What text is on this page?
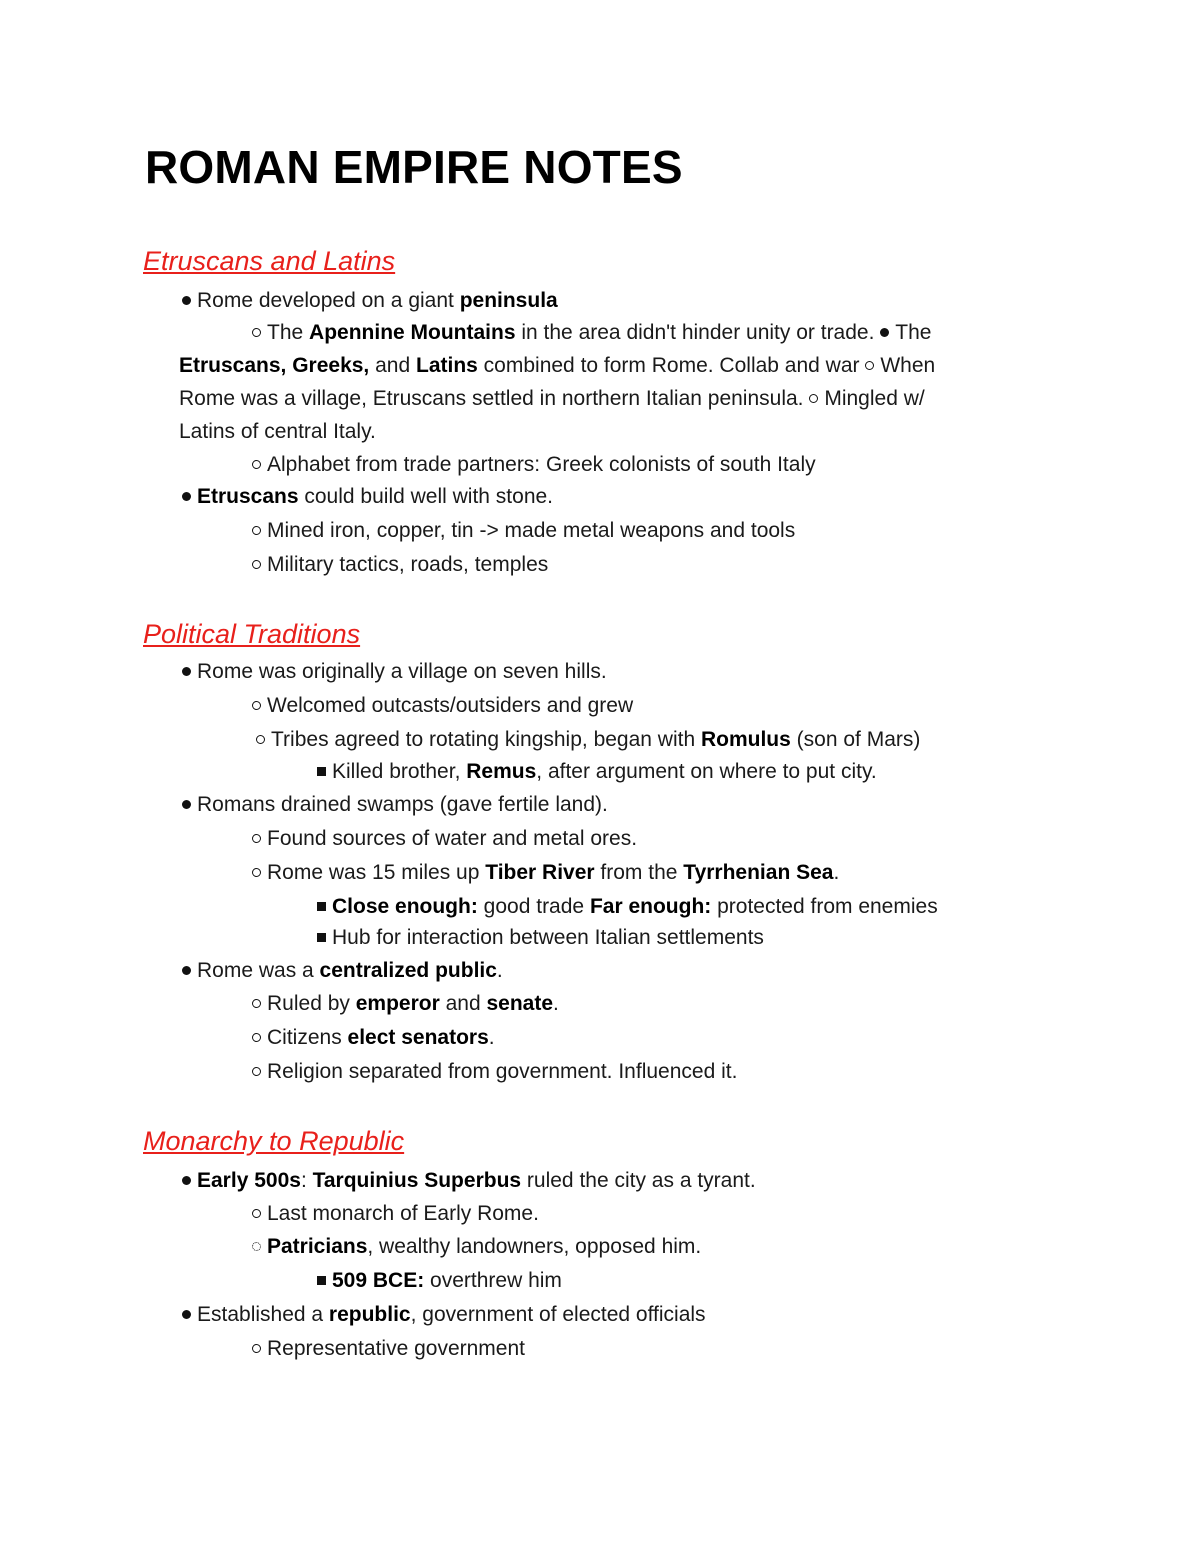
ROMAN EMPIRE NOTES
Etruscans and Latins
Rome developed on a giant peninsula
The Apennine Mountains in the area didn't hinder unity or trade. The
Etruscans, Greeks, and Latins combined to form Rome. Collab and war When
Rome was a village, Etruscans settled in northern Italian peninsula. Mingled w/
Latins of central Italy.
Alphabet from trade partners: Greek colonists of south Italy
Etruscans could build well with stone.
Mined iron, copper, tin -> made metal weapons and tools
Military tactics, roads, temples
Political Traditions
Rome was originally a village on seven hills.
Welcomed outcasts/outsiders and grew
Tribes agreed to rotating kingship, began with Romulus (son of Mars)
Killed brother, Remus, after argument on where to put city.
Romans drained swamps (gave fertile land).
Found sources of water and metal ores.
Rome was 15 miles up Tiber River from the Tyrrhenian Sea.
Close enough: good trade Far enough: protected from enemies
Hub for interaction between Italian settlements
Rome was a centralized public.
Ruled by emperor and senate.
Citizens elect senators.
Religion separated from government. Influenced it.
Monarchy to Republic
Early 500s: Tarquinius Superbus ruled the city as a tyrant.
Last monarch of Early Rome.
Patricians, wealthy landowners, opposed him.
509 BCE: overthrew him
Established a republic, government of elected officials
Representative government
